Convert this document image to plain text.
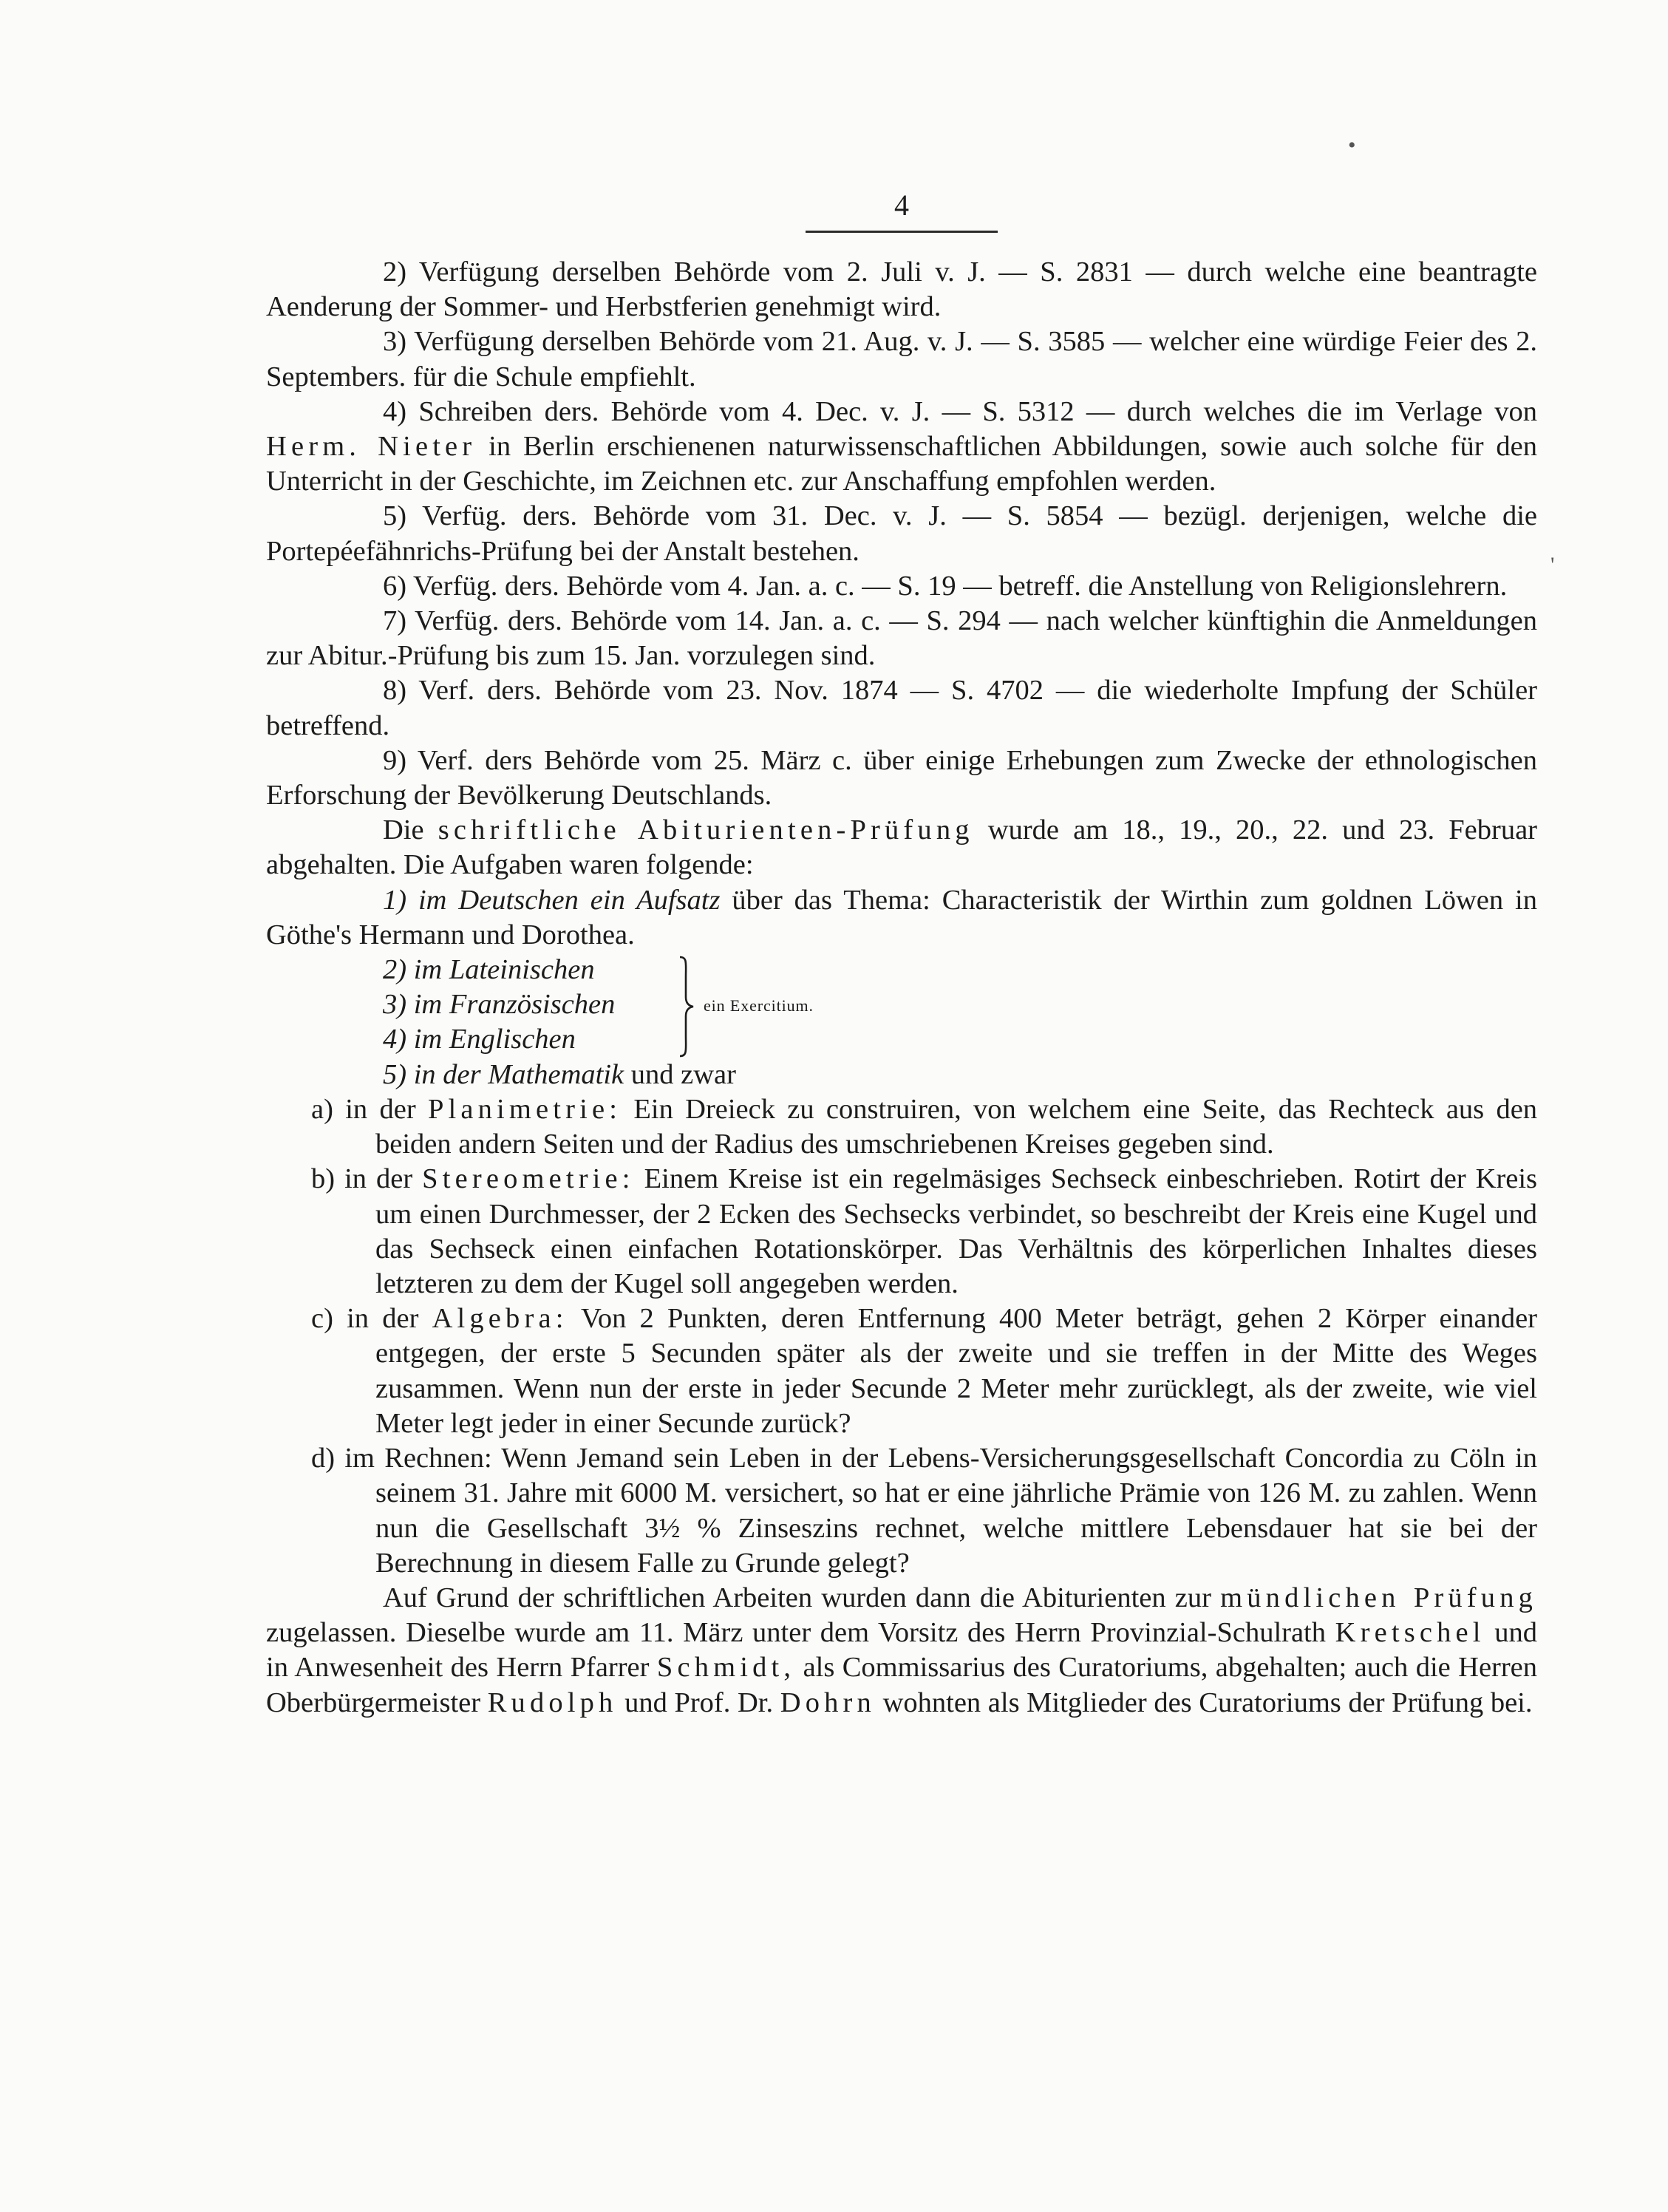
4
•
'

2) Verfügung derselben Behörde vom 2. Juli v. J. — S. 2831 — durch welche eine beantragte Aenderung der Sommer- und Herbstferien genehmigt wird.

3) Verfügung derselben Behörde vom 21. Aug. v. J. — S. 3585 — welcher eine würdige Feier des 2. Septembers. für die Schule empfiehlt.

4) Schreiben ders. Behörde vom 4. Dec. v. J. — S. 5312 — durch welches die im Verlage von Herm. Nieter in Berlin erschienenen naturwissenschaftlichen Abbildungen, sowie auch solche für den Unterricht in der Geschichte, im Zeichnen etc. zur Anschaffung empfohlen werden.

5) Verfüg. ders. Behörde vom 31. Dec. v. J. — S. 5854 — bezügl. derjenigen, welche die Portepéefähnrichs-Prüfung bei der Anstalt bestehen.

6) Verfüg. ders. Behörde vom 4. Jan. a. c. — S. 19 — betreff. die Anstellung von Religionslehrern.

7) Verfüg. ders. Behörde vom 14. Jan. a. c. — S. 294 — nach welcher künftighin die Anmeldungen zur Abitur.-Prüfung bis zum 15. Jan. vorzulegen sind.

8) Verf. ders. Behörde vom 23. Nov. 1874 — S. 4702 — die wiederholte Impfung der Schüler betreffend.

9) Verf. ders Behörde vom 25. März c. über einige Erhebungen zum Zwecke der ethnologischen Erforschung der Bevölkerung Deutschlands.

Die schriftliche Abiturienten-Prüfung wurde am 18., 19., 20., 22. und 23. Februar abgehalten. Die Aufgaben waren folgende:

1) im Deutschen ein Aufsatz über das Thema: Characteristik der Wirthin zum goldnen Löwen in Göthe's Hermann und Dorothea.

2) im Lateinischen
3) im Französischen
4) im Englischen
ein Exercitium.
5) in der Mathematik und zwar

a) in der Planimetrie: Ein Dreieck zu construiren, von welchem eine Seite, das Rechteck aus den beiden andern Seiten und der Radius des umschriebenen Kreises gegeben sind.

b) in der Stereometrie: Einem Kreise ist ein regelmäsiges Sechseck einbeschrieben. Rotirt der Kreis um einen Durchmesser, der 2 Ecken des Sechsecks verbindet, so beschreibt der Kreis eine Kugel und das Sechseck einen einfachen Rotationskörper. Das Verhältnis des körperlichen Inhaltes dieses letzteren zu dem der Kugel soll angegeben werden.

c) in der Algebra: Von 2 Punkten, deren Entfernung 400 Meter beträgt, gehen 2 Körper einander entgegen, der erste 5 Secunden später als der zweite und sie treffen in der Mitte des Weges zusammen. Wenn nun der erste in jeder Secunde 2 Meter mehr zurücklegt, als der zweite, wie viel Meter legt jeder in einer Secunde zurück?

d) im Rechnen: Wenn Jemand sein Leben in der Lebens-Versicherungsgesellschaft Concordia zu Cöln in seinem 31. Jahre mit 6000 M. versichert, so hat er eine jährliche Prämie von 126 M. zu zahlen. Wenn nun die Gesellschaft 3½ % Zinseszins rechnet, welche mittlere Lebensdauer hat sie bei der Berechnung in diesem Falle zu Grunde gelegt?

Auf Grund der schriftlichen Arbeiten wurden dann die Abiturienten zur mündlichen Prüfung zugelassen. Dieselbe wurde am 11. März unter dem Vorsitz des Herrn Provinzial-Schulrath Kretschel und in Anwesenheit des Herrn Pfarrer Schmidt, als Commissarius des Curatoriums, abgehalten; auch die Herren Oberbürgermeister Rudolph und Prof. Dr. Dohrn wohnten als Mitglieder des Curatoriums der Prüfung bei.
